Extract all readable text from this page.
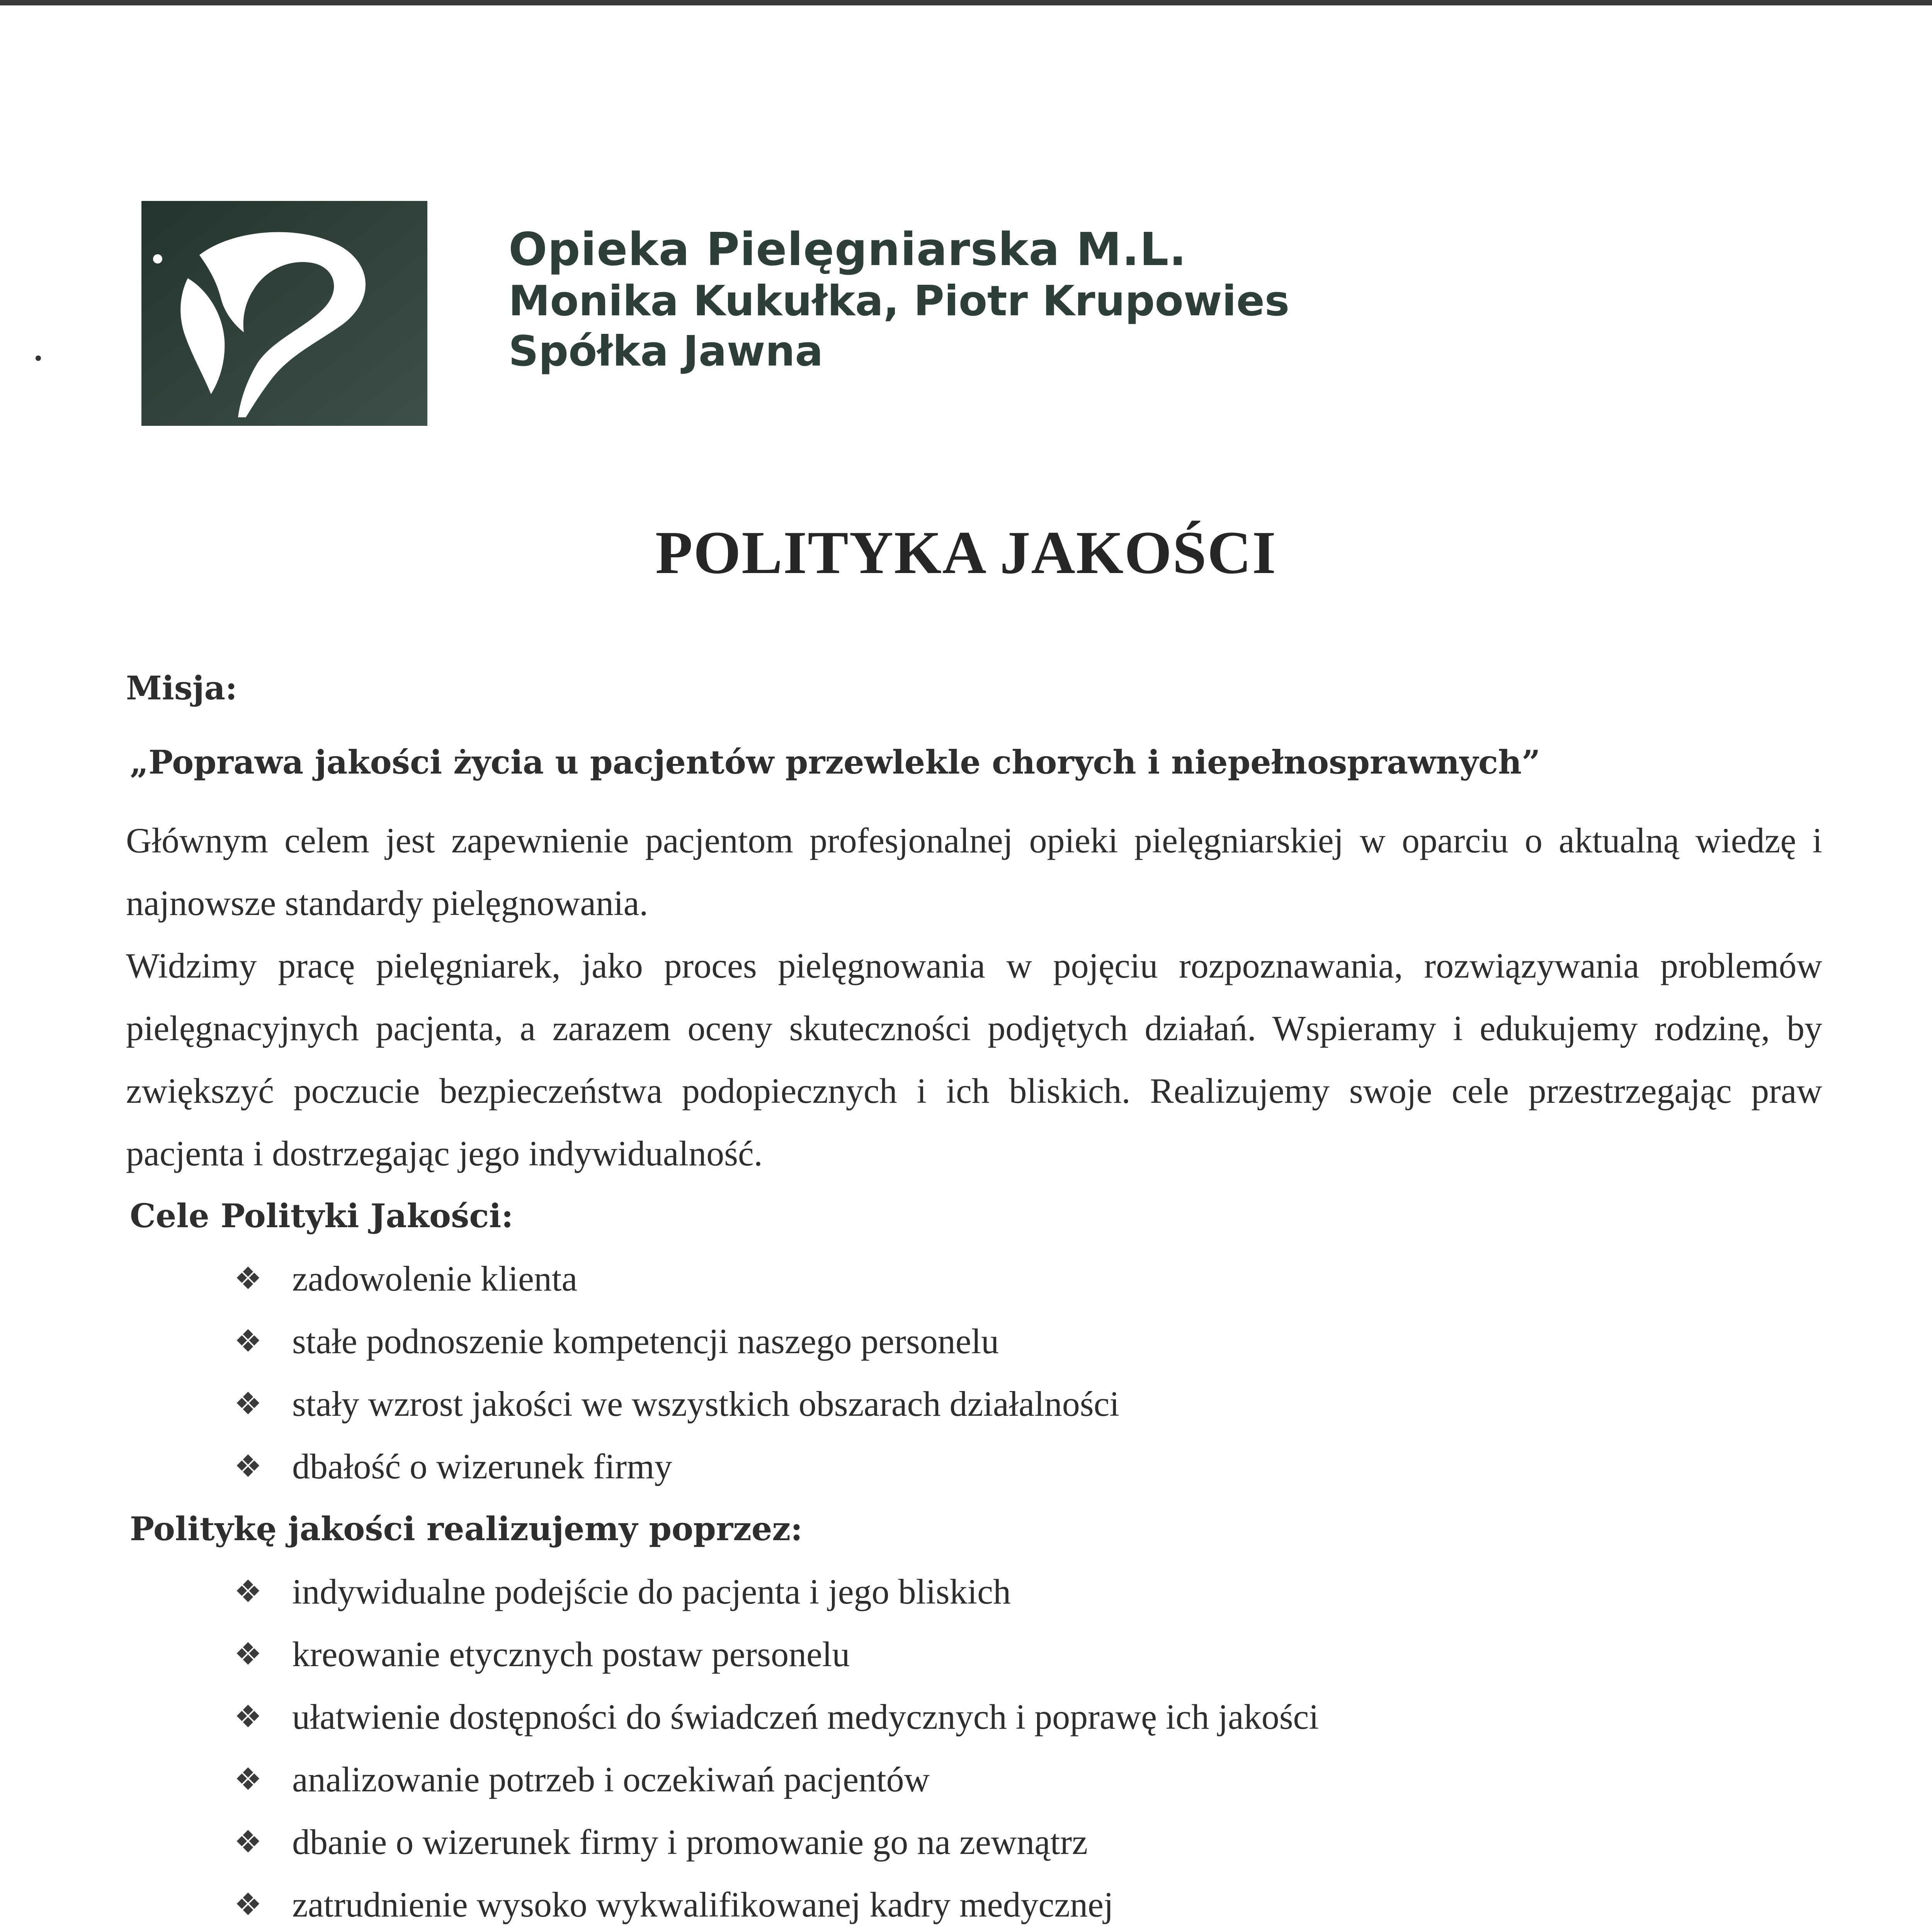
Opieka Pielęgniarska M.L.
Monika Kukułka, Piotr Krupowies
Spółka Jawna
POLITYKA JAKOŚCI
Misja:
„Poprawa jakości życia u pacjentów przewlekle chorych i niepełnosprawnych”

Głównym celem jest zapewnienie pacjentom profesjonalnej opieki pielęgniarskiej w oparciu o aktualną wiedzę i najnowsze standardy pielęgnowania.

Widzimy pracę pielęgniarek, jako proces pielęgnowania w pojęciu rozpoznawania, rozwiązywania problemów pielęgnacyjnych pacjenta, a zarazem oceny skuteczności podjętych działań. Wspieramy i edukujemy rodzinę, by zwiększyć poczucie bezpieczeństwa podopiecznych i ich bliskich. Realizujemy swoje cele przestrzegając praw pacjenta i dostrzegając jego indywidualność.

Cele Polityki Jakości:
❖ zadowolenie klienta
❖ stałe podnoszenie kompetencji naszego personelu
❖ stały wzrost jakości we wszystkich obszarach działalności
❖ dbałość o wizerunek firmy
Politykę jakości realizujemy poprzez:
❖ indywidualne podejście do pacjenta i jego bliskich
❖ kreowanie etycznych postaw personelu
❖ ułatwienie dostępności do świadczeń medycznych i poprawę ich jakości
❖ analizowanie potrzeb i oczekiwań pacjentów
❖ dbanie o wizerunek firmy i promowanie go na zewnątrz
❖ zatrudnienie wysoko wykwalifikowanej kadry medycznej
